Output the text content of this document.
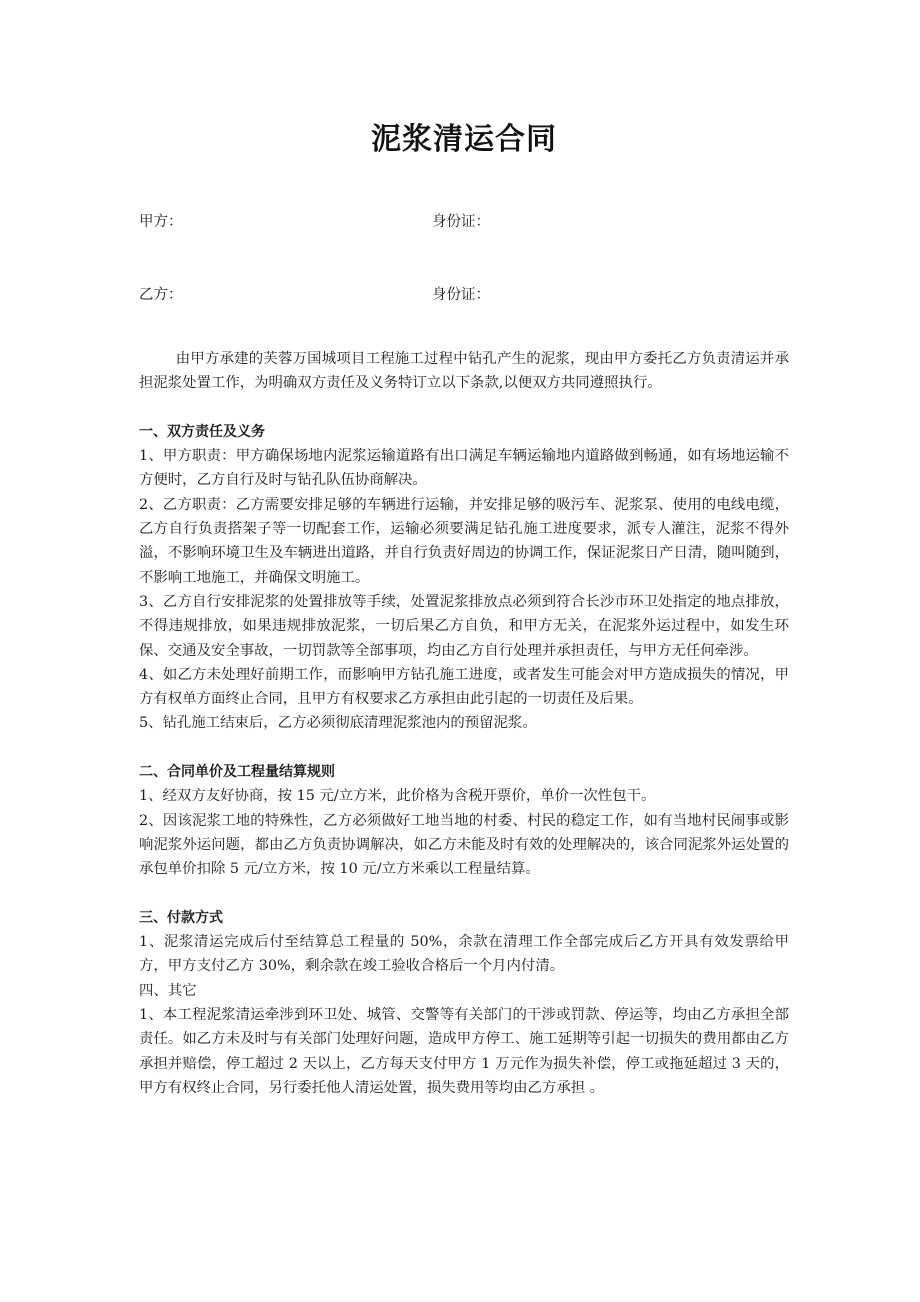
泥浆清运合同
甲方：	身份证：
乙方：	身份证：

由甲方承建的芙蓉万国城项目工程施工过程中钻孔产生的泥浆，现由甲方委托乙方负责清运并承担泥浆处置工作，为明确双方责任及义务特订立以下条款,以便双方共同遵照执行。

一、双方责任及义务

1、甲方职责：甲方确保场地内泥浆运输道路有出口满足车辆运输地内道路做到畅通，如有场地运输不方便时，乙方自行及时与钻孔队伍协商解决。

2、乙方职责：乙方需要安排足够的车辆进行运输，并安排足够的吸污车、泥浆泵、使用的电线电缆，乙方自行负责搭架子等一切配套工作，运输必须要满足钻孔施工进度要求，派专人灌注，泥浆不得外溢，不影响环境卫生及车辆进出道路，并自行负责好周边的协调工作，保证泥浆日产日清，随叫随到，不影响工地施工，并确保文明施工。

3、乙方自行安排泥浆的处置排放等手续，处置泥浆排放点必须到符合长沙市环卫处指定的地点排放，不得违规排放，如果违规排放泥浆，一切后果乙方自负，和甲方无关，在泥浆外运过程中，如发生环保、交通及安全事故，一切罚款等全部事项，均由乙方自行处理并承担责任，与甲方无任何牵涉。

4、如乙方未处理好前期工作，而影响甲方钻孔施工进度，或者发生可能会对甲方造成损失的情况，甲方有权单方面终止合同，且甲方有权要求乙方承担由此引起的一切责任及后果。

5、钻孔施工结束后，乙方必须彻底清理泥浆池内的预留泥浆。

二、合同单价及工程量结算规则

1、经双方友好协商，按 15 元/立方米，此价格为含税开票价，单价一次性包干。

2、因该泥浆工地的特殊性，乙方必须做好工地当地的村委、村民的稳定工作，如有当地村民闹事或影响泥浆外运问题，都由乙方负责协调解决，如乙方未能及时有效的处理解决的，该合同泥浆外运处置的承包单价扣除 5 元/立方米，按 10 元/立方米乘以工程量结算。

三、付款方式

1、泥浆清运完成后付至结算总工程量的 50%，余款在清理工作全部完成后乙方开具有效发票给甲方，甲方支付乙方 30%，剩余款在竣工验收合格后一个月内付清。

四、其它

1、本工程泥浆清运牵涉到环卫处、城管、交警等有关部门的干涉或罚款、停运等，均由乙方承担全部责任。如乙方未及时与有关部门处理好问题，造成甲方停工、施工延期等引起一切损失的费用都由乙方承担并赔偿，停工超过 2 天以上，乙方每天支付甲方 1 万元作为损失补偿，停工或拖延超过 3 天的，甲方有权终止合同，另行委托他人清运处置，损失费用等均由乙方承担 。
